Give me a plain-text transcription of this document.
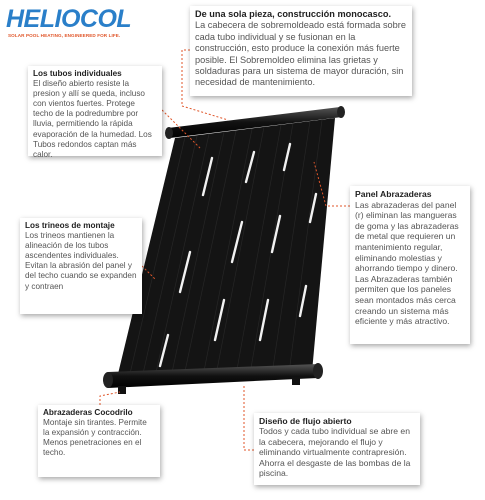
HELIOCOL
SOLAR POOL HEATING, ENGINEERED FOR LIFE.
De una sola pieza, construcción monocasco.
La cabecera de sobremoldeado está formada sobre cada tubo individual y se fusionan en la construcción, esto produce la conexión más fuerte posible. El Sobremoldeo elimina las grietas y soldaduras para un sistema de mayor duración, sin necesidad de mantenimiento.
Los tubos individuales
El diseño abierto resiste la presion y allí se queda, incluso con vientos fuertes. Protege techo de la podredumbre por lluvia, permitiendo la rápida evaporación de la humedad. Los Tubos redondos captan más calor.
Los trineos de montaje
Los trineos mantienen la alineación de los tubos ascendentes individuales. Evitan la abrasión del panel y del techo cuando se expanden y contraen
Panel Abrazaderas
Las abrazaderas del panel (r) eliminan las mangueras de goma y las abrazaderas de metal que requieren un mantenimiento regular, eliminando molestias y ahorrando tiempo y dinero. Las Abrazaderas también permiten que los paneles sean montados más cerca creando un sistema más eficiente y más atractivo.
Abrazaderas Cocodrilo
Montaje sin tirantes. Permite la expansión y contracción. Menos penetraciones en el techo.
Diseño de flujo abierto
Todos y cada tubo individual se abre en la cabecera, mejorando el flujo y eliminando virtualmente contrapresión. Ahorra el desgaste de las bombas de la piscina.
